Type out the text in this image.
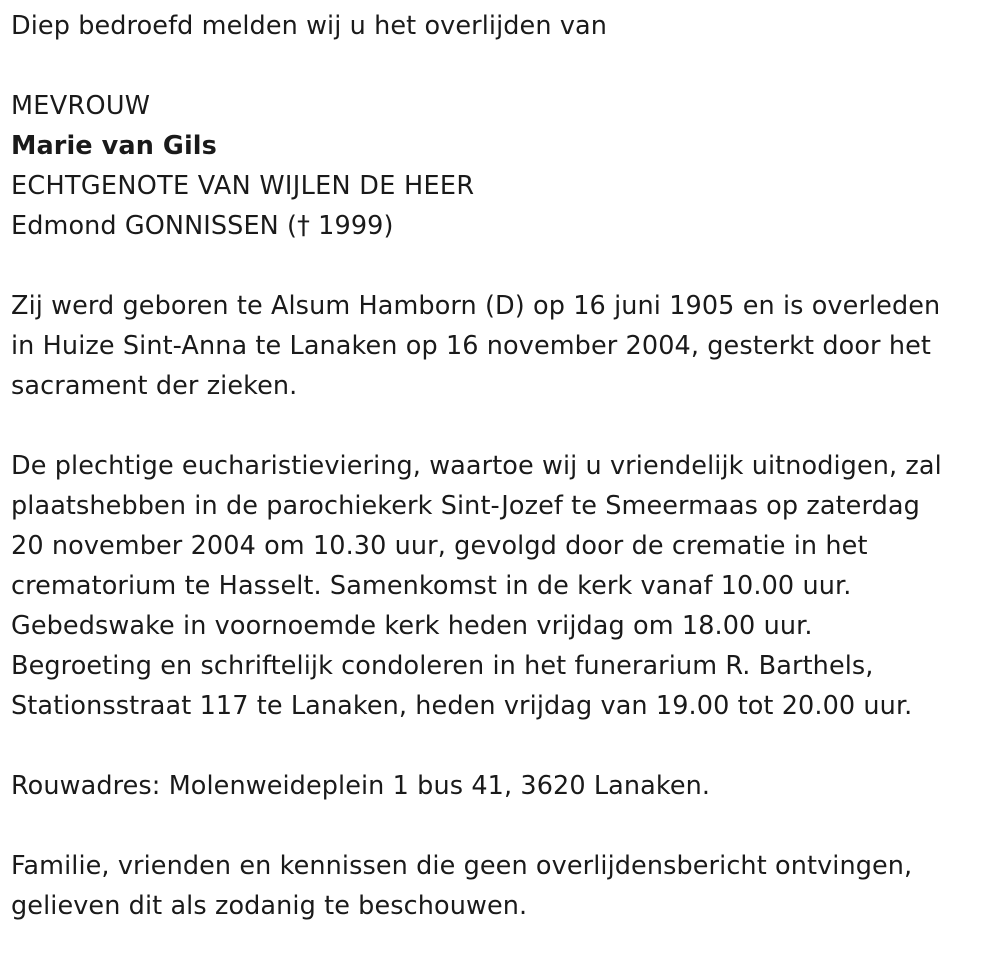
Diep bedroefd melden wij u het overlijden van
MEVROUW
Marie van Gils
ECHTGENOTE VAN WIJLEN DE HEER
Edmond GONNISSEN († 1999)
Zij werd geboren te Alsum Hamborn (D) op 16 juni 1905 en is overleden
in Huize Sint-Anna te Lanaken op 16 november 2004, gesterkt door het
sacrament der zieken.
De plechtige eucharistieviering, waartoe wij u vriendelijk uitnodigen, zal
plaatshebben in de parochiekerk Sint-Jozef te Smeermaas op zaterdag
20 november 2004 om 10.30 uur, gevolgd door de crematie in het
crematorium te Hasselt. Samenkomst in de kerk vanaf 10.00 uur.
Gebedswake in voornoemde kerk heden vrijdag om 18.00 uur.
Begroeting en schriftelijk condoleren in het funerarium R. Barthels,
Stationsstraat 117 te Lanaken, heden vrijdag van 19.00 tot 20.00 uur.
Rouwadres: Molenweideplein 1 bus 41, 3620 Lanaken.
Familie, vrienden en kennissen die geen overlijdensbericht ontvingen,
gelieven dit als zodanig te beschouwen.
